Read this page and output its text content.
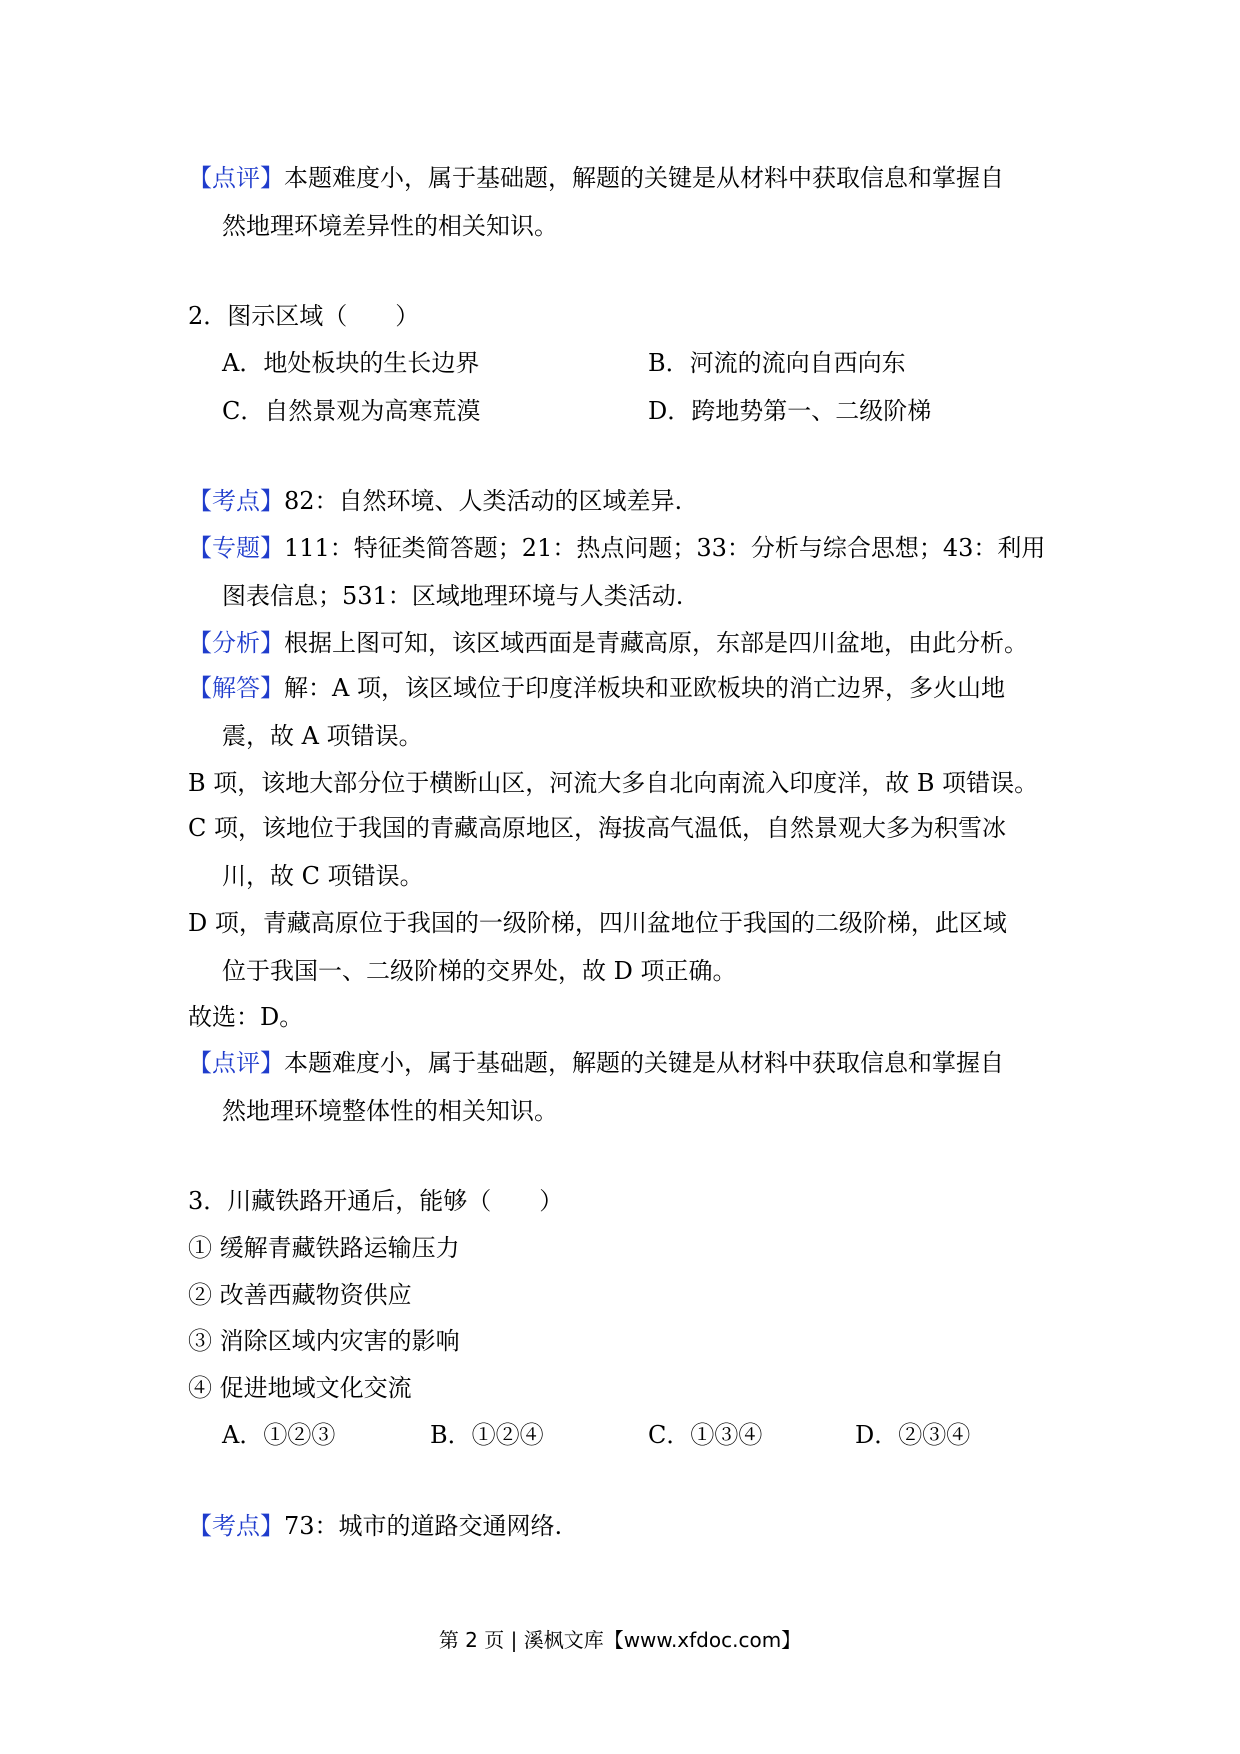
【点评】本题难度小，属于基础题，解题的关键是从材料中获取信息和掌握自
然地理环境差异性的相关知识。
2．图示区域（　　）
A．地处板块的生长边界	B．河流的流向自西向东
C．自然景观为高寒荒漠	D．跨地势第一、二级阶梯
【考点】82：自然环境、人类活动的区域差异.
【专题】111：特征类简答题；21：热点问题；33：分析与综合思想；43：利用
图表信息；531：区域地理环境与人类活动.
【分析】根据上图可知，该区域西面是青藏高原，东部是四川盆地，由此分析。
【解答】解：A 项，该区域位于印度洋板块和亚欧板块的消亡边界，多火山地
震，故 A 项错误。
B 项，该地大部分位于横断山区，河流大多自北向南流入印度洋，故 B 项错误。
C 项，该地位于我国的青藏高原地区，海拔高气温低，自然景观大多为积雪冰
川，故 C 项错误。
D 项，青藏高原位于我国的一级阶梯，四川盆地位于我国的二级阶梯，此区域
位于我国一、二级阶梯的交界处，故 D 项正确。
故选：D。
【点评】本题难度小，属于基础题，解题的关键是从材料中获取信息和掌握自
然地理环境整体性的相关知识。
3．川藏铁路开通后，能够（　　）
① 缓解青藏铁路运输压力
② 改善西藏物资供应
③ 消除区域内灾害的影响
④ 促进地域文化交流
A．①②③	B．①②④	C．①③④	D．②③④
【考点】73：城市的道路交通网络.
第 2 页 | 溪枫文库【www.xfdoc.com】
